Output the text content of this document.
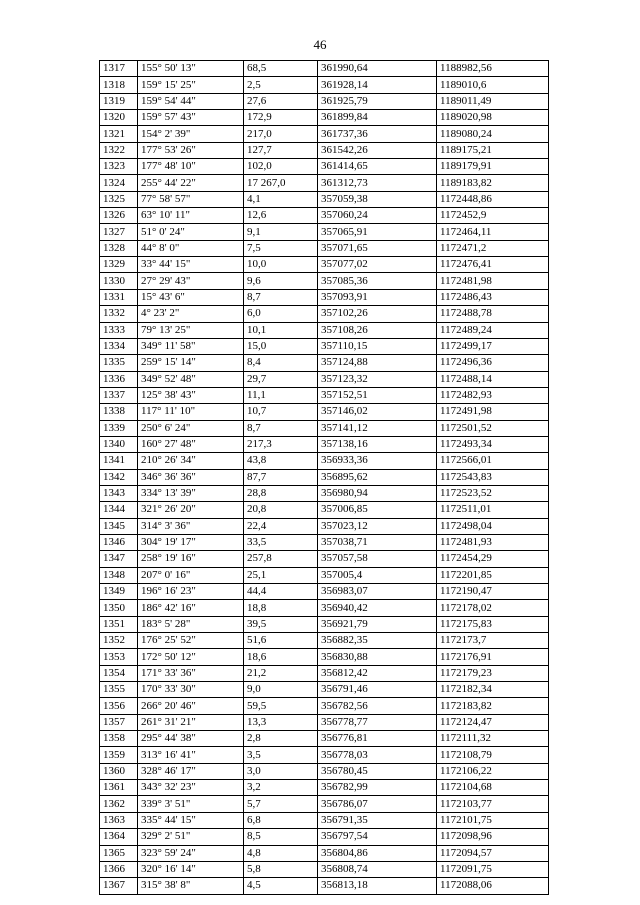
46
1317	155° 50' 13"	68,5	361990,64	1188982,56
1318	159° 15' 25"	2,5	361928,14	1189010,6
1319	159° 54' 44"	27,6	361925,79	1189011,49
1320	159° 57' 43"	172,9	361899,84	1189020,98
1321	154° 2' 39"	217,0	361737,36	1189080,24
1322	177° 53' 26"	127,7	361542,26	1189175,21
1323	177° 48' 10"	102,0	361414,65	1189179,91
1324	255° 44' 22"	17 267,0	361312,73	1189183,82
1325	77° 58' 57"	4,1	357059,38	1172448,86
1326	63° 10' 11"	12,6	357060,24	1172452,9
1327	51° 0' 24"	9,1	357065,91	1172464,11
1328	44° 8' 0"	7,5	357071,65	1172471,2
1329	33° 44' 15"	10,0	357077,02	1172476,41
1330	27° 29' 43"	9,6	357085,36	1172481,98
1331	15° 43' 6"	8,7	357093,91	1172486,43
1332	4° 23' 2"	6,0	357102,26	1172488,78
1333	79° 13' 25"	10,1	357108,26	1172489,24
1334	349° 11' 58"	15,0	357110,15	1172499,17
1335	259° 15' 14"	8,4	357124,88	1172496,36
1336	349° 52' 48"	29,7	357123,32	1172488,14
1337	125° 38' 43"	11,1	357152,51	1172482,93
1338	117° 11' 10"	10,7	357146,02	1172491,98
1339	250° 6' 24"	8,7	357141,12	1172501,52
1340	160° 27' 48"	217,3	357138,16	1172493,34
1341	210° 26' 34"	43,8	356933,36	1172566,01
1342	346° 36' 36"	87,7	356895,62	1172543,83
1343	334° 13' 39"	28,8	356980,94	1172523,52
1344	321° 26' 20"	20,8	357006,85	1172511,01
1345	314° 3' 36"	22,4	357023,12	1172498,04
1346	304° 19' 17"	33,5	357038,71	1172481,93
1347	258° 19' 16"	257,8	357057,58	1172454,29
1348	207° 0' 16"	25,1	357005,4	1172201,85
1349	196° 16' 23"	44,4	356983,07	1172190,47
1350	186° 42' 16"	18,8	356940,42	1172178,02
1351	183° 5' 28"	39,5	356921,79	1172175,83
1352	176° 25' 52"	51,6	356882,35	1172173,7
1353	172° 50' 12"	18,6	356830,88	1172176,91
1354	171° 33' 36"	21,2	356812,42	1172179,23
1355	170° 33' 30"	9,0	356791,46	1172182,34
1356	266° 20' 46"	59,5	356782,56	1172183,82
1357	261° 31' 21"	13,3	356778,77	1172124,47
1358	295° 44' 38"	2,8	356776,81	1172111,32
1359	313° 16' 41"	3,5	356778,03	1172108,79
1360	328° 46' 17"	3,0	356780,45	1172106,22
1361	343° 32' 23"	3,2	356782,99	1172104,68
1362	339° 3' 51"	5,7	356786,07	1172103,77
1363	335° 44' 15"	6,8	356791,35	1172101,75
1364	329° 2' 51"	8,5	356797,54	1172098,96
1365	323° 59' 24"	4,8	356804,86	1172094,57
1366	320° 16' 14"	5,8	356808,74	1172091,75
1367	315° 38' 8"	4,5	356813,18	1172088,06
